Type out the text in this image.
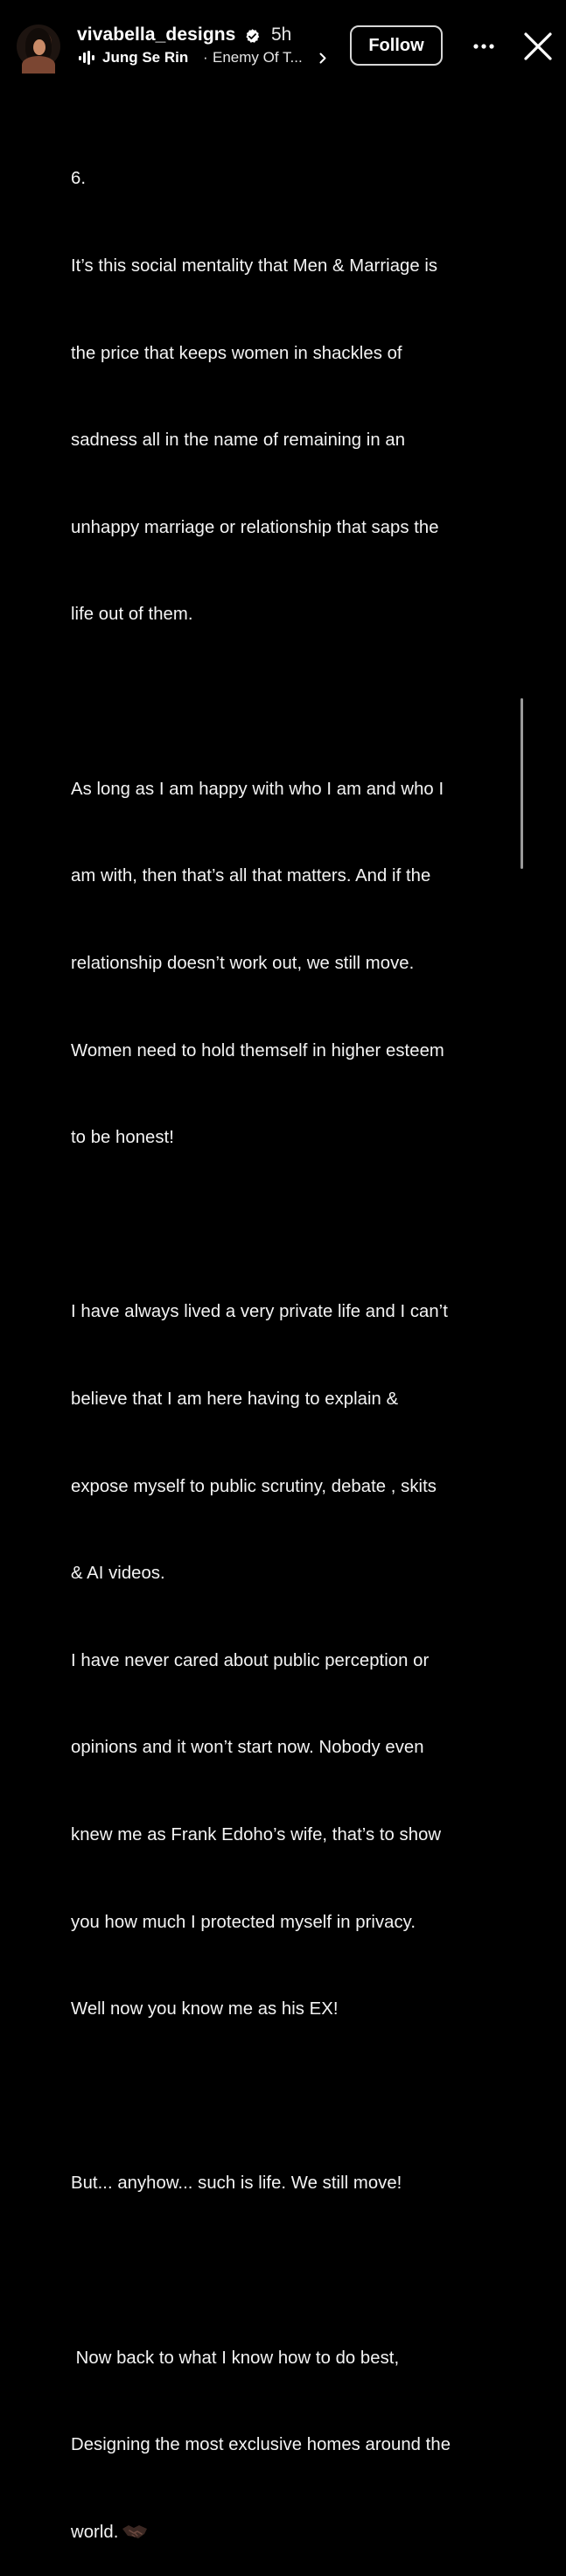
vivabella_designs 5h
Jung Se Rin · Enemy Of T...
Follow

6.

It’s this social mentality that Men & Marriage is

the price that keeps women in shackles of

sadness all in the name of remaining in an

unhappy marriage or relationship that saps the

life out of them.

As long as I am happy with who I am and who I

am with, then that’s all that matters. And if the

relationship doesn’t work out, we still move.

Women need to hold themself in higher esteem

to be honest!

I have always lived a very private life and I can’t

believe that I am here having to explain &

expose myself to public scrutiny, debate , skits

& AI videos.

I have never cared about public perception or

opinions and it won’t start now. Nobody even

knew me as Frank Edoho’s wife, that’s to show

you how much I protected myself in privacy.

Well now you know me as his EX!

But... anyhow... such is life. We still move!

Now back to what I know how to do best,

Designing the most exclusive homes around the

world.
